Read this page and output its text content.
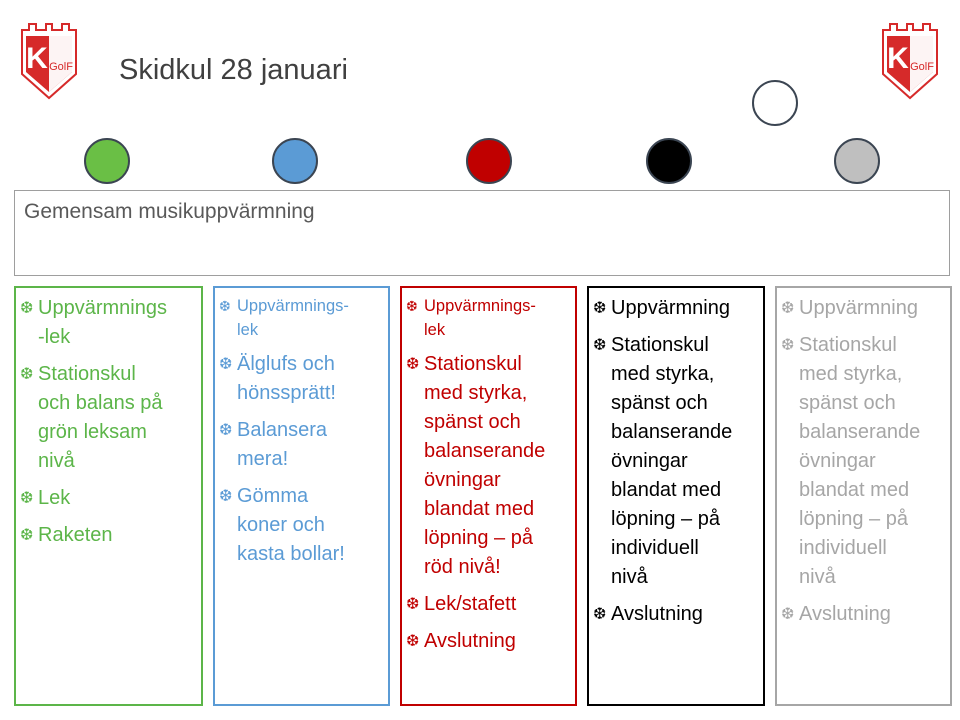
K GolF	K GolF
Skidkul 28 januari
Gemensam musikuppvärmning
❆ Uppvärmnings
-lek
❆ Stationskul
och balans på
grön leksam
nivå
❆ Lek
❆ Raketen
❆ Uppvärmnings-
lek
❆ Älglufs och
hönssprätt!
❆ Balansera
mera!
❆ Gömma
koner och
kasta bollar!
❆ Uppvärmnings-
lek
❆ Stationskul
med styrka,
spänst och
balanserande
övningar
blandat med
löpning – på
röd nivå!
❆ Lek/stafett
❆ Avslutning
❆ Uppvärmning
❆ Stationskul
med styrka,
spänst och
balanserande
övningar
blandat med
löpning – på
individuell
nivå
❆ Avslutning
❆ Uppvärmning
❆ Stationskul
med styrka,
spänst och
balanserande
övningar
blandat med
löpning – på
individuell
nivå
❆ Avslutning
